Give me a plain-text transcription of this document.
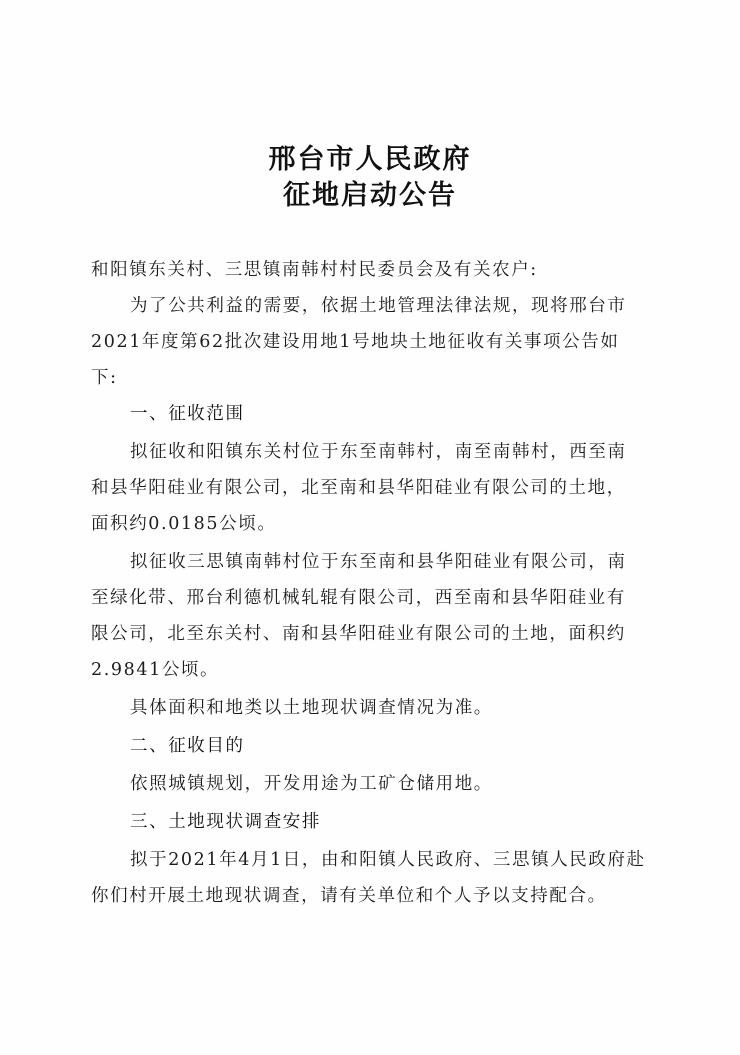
邢台市人民政府
征地启动公告
和阳镇东关村、三思镇南韩村村民委员会及有关农户:
为了公共利益的需要，依据土地管理法律法规，现将邢台市
2021年度第62批次建设用地1号地块土地征收有关事项公告如
下:
一、征收范围
拟征收和阳镇东关村位于东至南韩村，南至南韩村，西至南
和县华阳硅业有限公司，北至南和县华阳硅业有限公司的土地，
面积约0.0185公顷。
拟征收三思镇南韩村位于东至南和县华阳硅业有限公司，南
至绿化带、邢台利德机械轧辊有限公司，西至南和县华阳硅业有
限公司，北至东关村、南和县华阳硅业有限公司的土地，面积约
2.9841公顷。
具体面积和地类以土地现状调查情况为准。
二、征收目的
依照城镇规划，开发用途为工矿仓储用地。
三、土地现状调查安排
拟于2021年4月1日，由和阳镇人民政府、三思镇人民政府赴
你们村开展土地现状调查，请有关单位和个人予以支持配合。
